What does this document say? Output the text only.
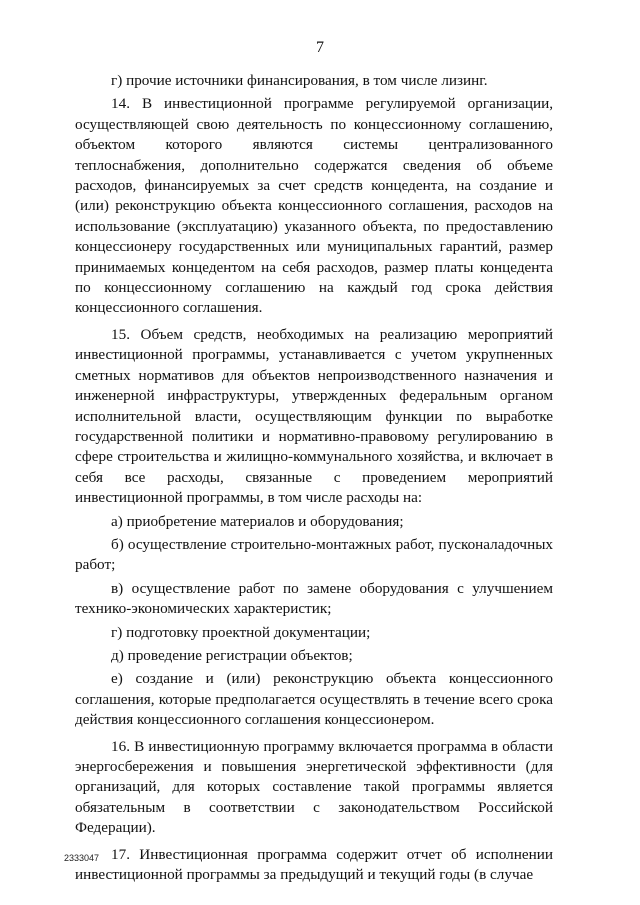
7

г) прочие источники финансирования, в том числе лизинг.

14. В инвестиционной программе регулируемой организации, осуществляющей свою деятельность по концессионному соглашению, объектом которого являются системы централизованного теплоснабжения, дополнительно содержатся сведения об объеме расходов, финансируемых за счет средств концедента, на создание и (или) реконструкцию объекта концессионного соглашения, расходов на использование (эксплуатацию) указанного объекта, по предоставлению концессионеру государственных или муниципальных гарантий, размер принимаемых концедентом на себя расходов, размер платы концедента по концессионному соглашению на каждый год срока действия концессионного соглашения.

15. Объем средств, необходимых на реализацию мероприятий инвестиционной программы, устанавливается с учетом укрупненных сметных нормативов для объектов непроизводственного назначения и инженерной инфраструктуры, утвержденных федеральным органом исполнительной власти, осуществляющим функции по выработке государственной политики и нормативно-правовому регулированию в сфере строительства и жилищно-коммунального хозяйства, и включает в себя все расходы, связанные с проведением мероприятий инвестиционной программы, в том числе расходы на:

а) приобретение материалов и оборудования;

б) осуществление строительно-монтажных работ, пусконаладочных работ;

в) осуществление работ по замене оборудования с улучшением технико-экономических характеристик;

г) подготовку проектной документации;

д) проведение регистрации объектов;

е) создание и (или) реконструкцию объекта концессионного соглашения, которые предполагается осуществлять в течение всего срока действия концессионного соглашения концессионером.

16. В инвестиционную программу включается программа в области энергосбережения и повышения энергетической эффективности (для организаций, для которых составление такой программы является обязательным в соответствии с законодательством Российской Федерации).

17. Инвестиционная программа содержит отчет об исполнении инвестиционной программы за предыдущий и текущий годы (в случае

2333047
